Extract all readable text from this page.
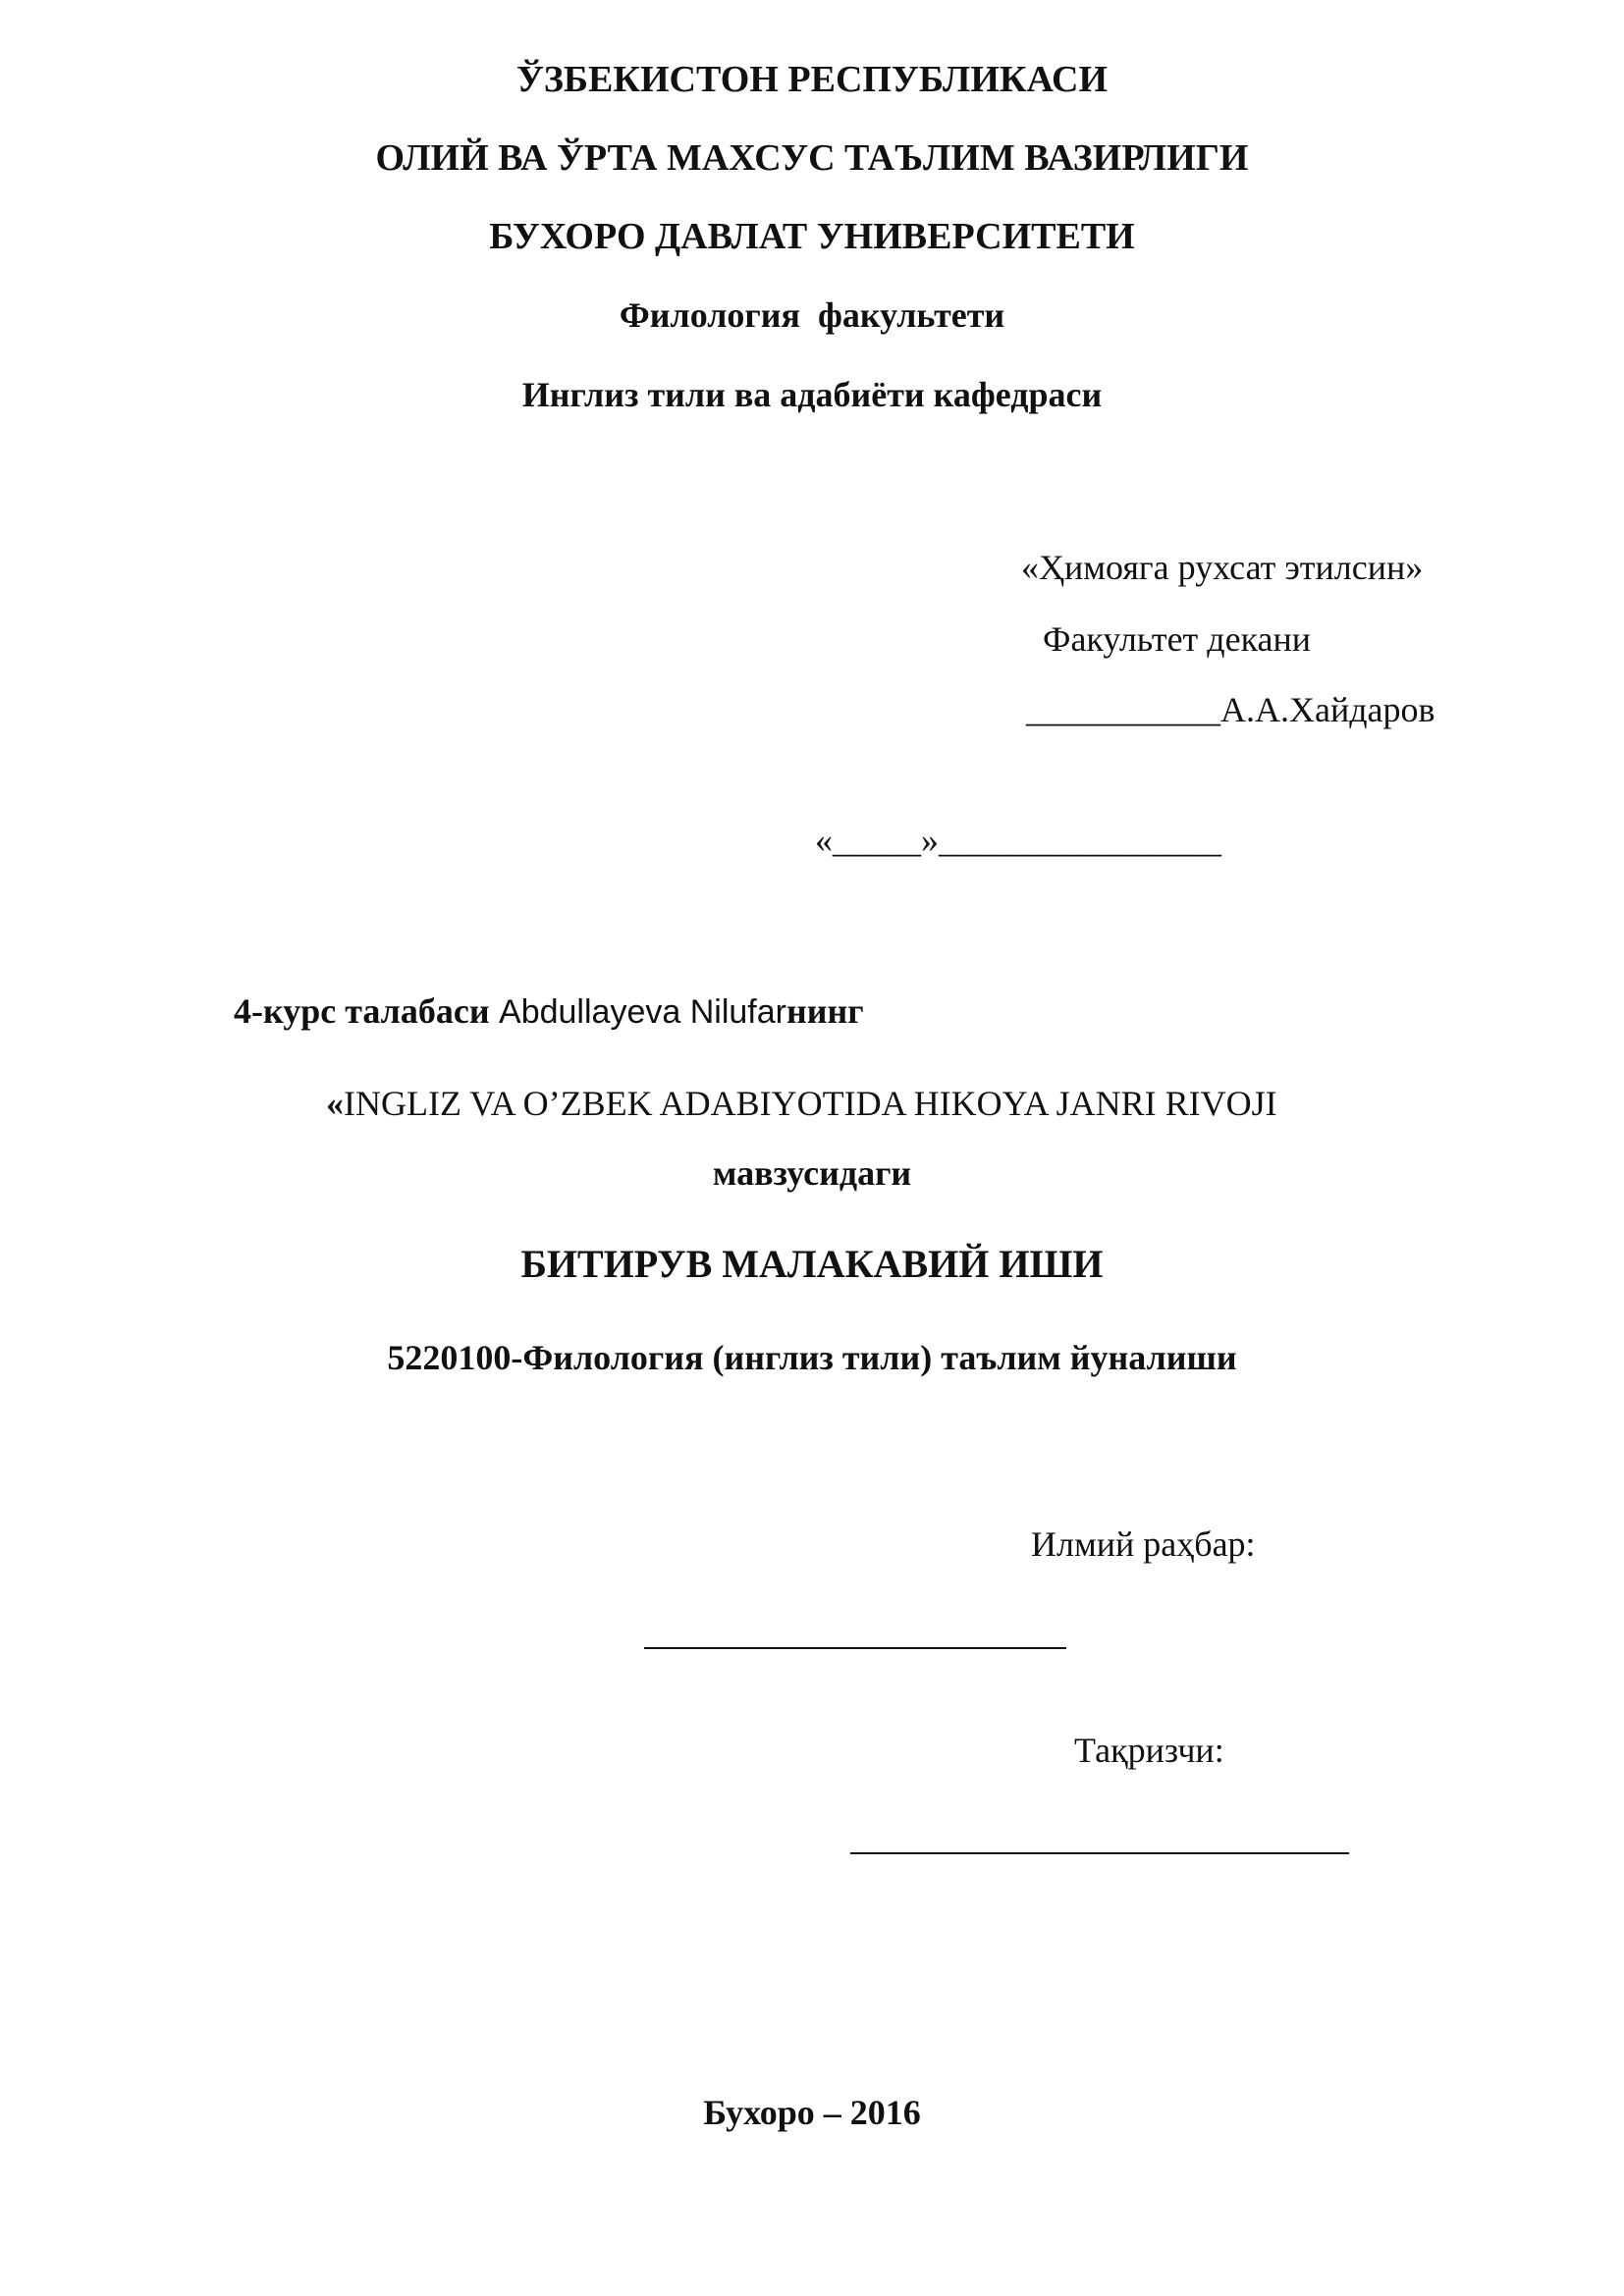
ЎЗБЕКИСТОН РЕСПУБЛИКАСИ
ОЛИЙ ВА ЎРТА МАХСУС ТАЪЛИМ ВАЗИРЛИГИ
БУХОРО ДАВЛАТ УНИВЕРСИТЕТИ
Филология  факультети
Инглиз тили ва адабиёти кафедраси
«Ҳимояга рухсат этилсин»
Факультет декани
___________А.А.Хайдаров
«_____»________________
4-курс талабаси Abdullayeva Nilufarнинг
«INGLIZ VA O’ZBEK ADABIYOTIDA HIKOYA JANRI RIVOJI
мавзусидаги
БИТИРУВ МАЛАКАВИЙ ИШИ
5220100-Филология (инглиз тили) таълим йуналиши
Илмий раҳбар:
Тақризчи:
Бухоро – 2016
